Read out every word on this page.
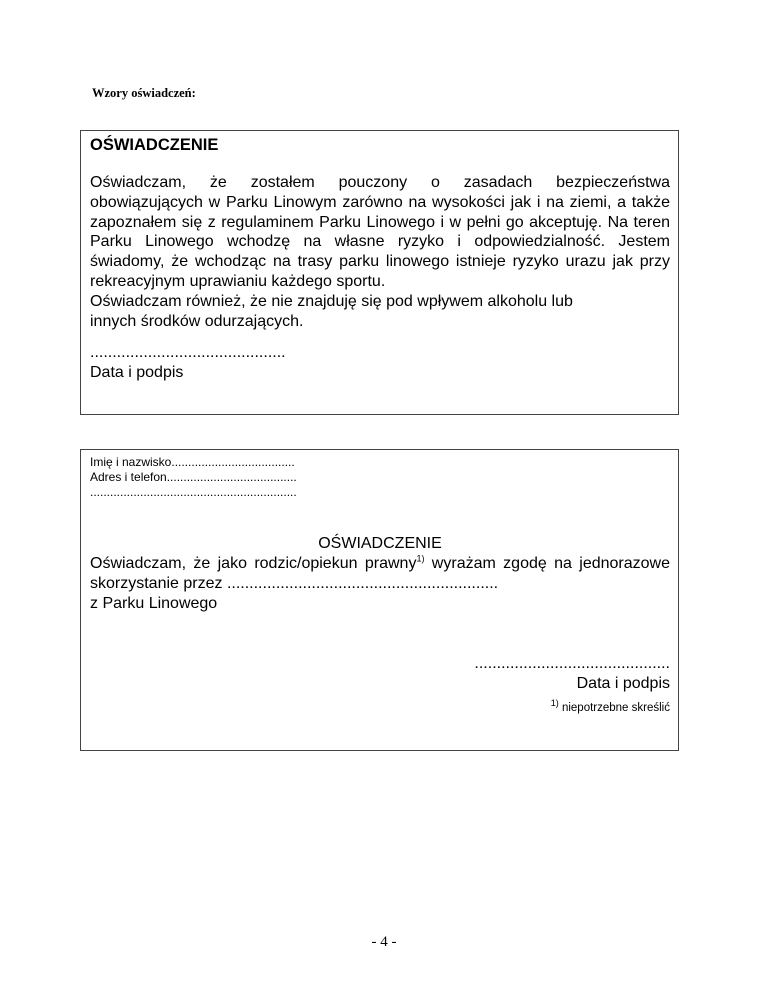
Wzory oświadczeń:
OŚWIADCZENIE
Oświadczam, że zostałem pouczony o zasadach bezpieczeństwa obowiązujących w Parku Linowym zarówno na wysokości jak i na ziemi, a także zapoznałem się z regulaminem Parku Linowego i w pełni go akceptuję. Na teren Parku Linowego wchodzę na własne ryzyko i odpowiedzialność. Jestem świadomy, że wchodząc na trasy parku linowego istnieje ryzyko urazu jak przy rekreacyjnym uprawianiu każdego sportu.
Oświadczam również, że nie znajduję się pod wpływem alkoholu lub
innych środków odurzających.
............................................
Data i podpis
Imię i nazwisko.....................................
Adres i telefon.......................................
..............................................................
OŚWIADCZENIE
Oświadczam, że jako rodzic/opiekun prawny$^{1)}$ wyrażam zgodę na jednorazowe skorzystanie przez .............................................................
z Parku Linowego
............................................
Data i podpis
$^{1)}$ niepotrzebne skreślić
- 4 -
